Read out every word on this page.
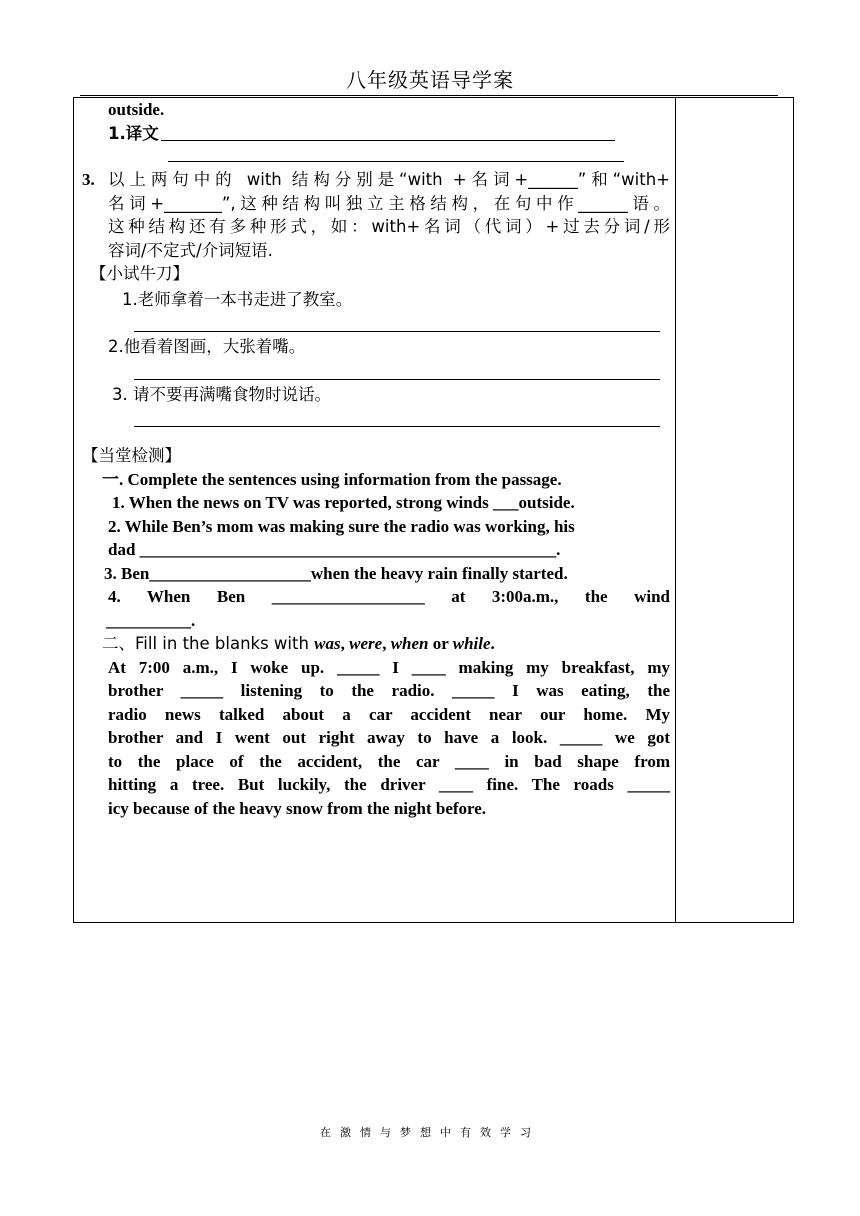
八年级英语导学案
outside.
1.译文
3. 以上两句中的 with 结构分别是“with +名词+______”和“with+
名词+_______”,这种结构叫独立主格结构，在句中作______语。
这种结构还有多种形式，如：with+名词（代词）+过去分词/形
容词/不定式/介词短语.
【小试牛刀】
1.老师拿着一本书走进了教室。
2.他看着图画，大张着嘴。
3. 请不要再满嘴食物时说话。
【当堂检测】
一. Complete the sentences using information from the passage.
1. When the news on TV was reported, strong winds ___outside.
2. While Ben’s mom was making sure the radio was working, his
dad _________________________________________________.
3. Ben___________________when the heavy rain finally started.
4. When Ben __________________ at 3:00a.m., the wind
__________.
二、Fill in the blanks with was, were, when or while.
At 7:00 a.m., I woke up. _____ I ____ making my breakfast, my
brother _____ listening to the radio. _____ I was eating, the
radio news talked about a car accident near our home. My
brother and I went out right away to have a look. _____ we got
to the place of the accident, the car ____ in bad shape from
hitting a tree. But luckily, the driver ____ fine. The roads _____
icy because of the heavy snow from the night before.
在激情与梦想中有效学习
